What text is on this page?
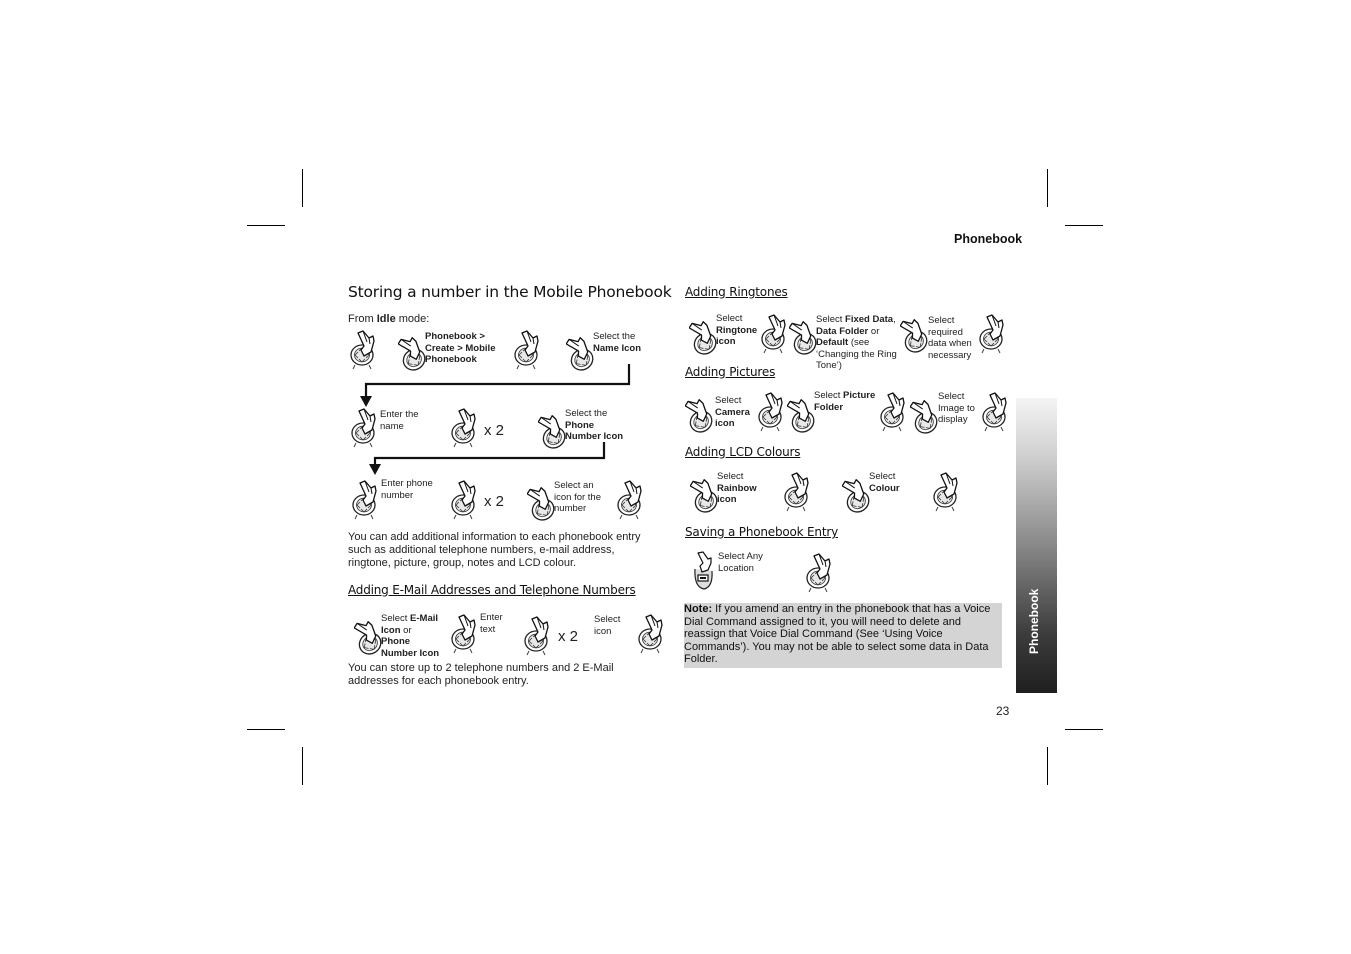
Phonebook
23
Phonebook
Storing a number in the Mobile Phonebook
From Idle mode:
Phonebook >
Create > Mobile
Phonebook
Select the
Name Icon
Enter the
name	x 2
Select the
Phone
Number Icon
Enter phone
number	x 2
Select an
icon for the
number
You can add additional information to each phonebook entry
such as additional telephone numbers, e-mail address,
ringtone, picture, group, notes and LCD colour.
Adding E-Mail Addresses and Telephone Numbers
Select E-Mail
Icon or
Phone
Number Icon
Enter
text	x 2
Select
icon
You can store up to 2 telephone numbers and 2 E-Mail
addresses for each phonebook entry.
Adding Ringtones
Select
Ringtone
icon
Select Fixed Data,
Data Folder or
Default (see
‘Changing the Ring
Tone’)
Select
required
data when
necessary
Adding Pictures
Select
Camera
icon
Select Picture
Folder
Select
Image to
display
Adding LCD Colours
Select
Rainbow
icon
Select
Colour
Saving a Phonebook Entry
Select Any
Location
Note: If you amend an entry in the phonebook that has a Voice Dial Command assigned to it, you will need to delete and reassign that Voice Dial Command (See ‘Using Voice Commands’). You may not be able to select some data in Data Folder.
